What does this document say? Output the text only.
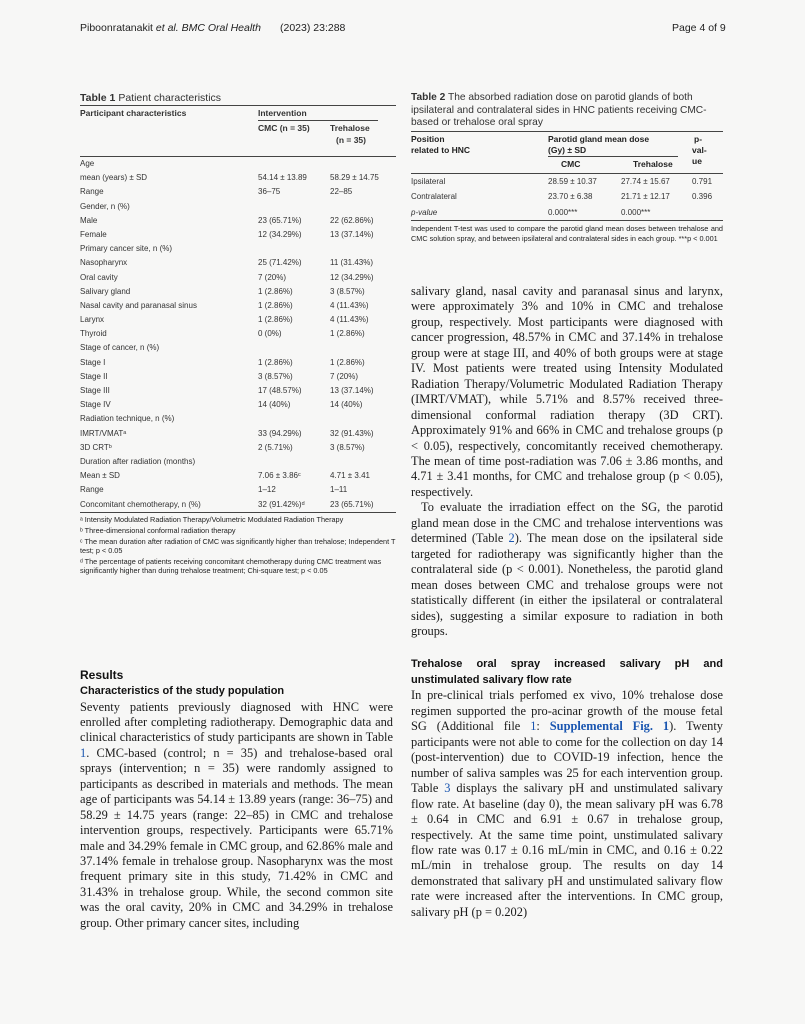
Piboonratanakit et al. BMC Oral Health (2023) 23:288	Page 4 of 9
Table 1 Patient characteristics
Participant characteristics	Intervention
CMC (n = 35) Trehalose
(n = 35)
Age
mean (years) ± SD	54.14 ± 13.89	58.29 ± 14.75
Range	36–75	22–85
Gender, n (%)
Male	23 (65.71%)	22 (62.86%)
Female	12 (34.29%)	13 (37.14%)
Primary cancer site, n (%)
Nasopharynx	25 (71.42%)	11 (31.43%)
Oral cavity	7 (20%)	12 (34.29%)
Salivary gland	1 (2.86%)	3 (8.57%)
Nasal cavity and paranasal sinus	1 (2.86%)	4 (11.43%)
Larynx	1 (2.86%)	4 (11.43%)
Thyroid	0 (0%)	1 (2.86%)
Stage of cancer, n (%)
Stage I	1 (2.86%)	1 (2.86%)
Stage II	3 (8.57%)	7 (20%)
Stage III	17 (48.57%)	13 (37.14%)
Stage IV	14 (40%)	14 (40%)
Radiation technique, n (%)
IMRT/VMATᵃ	33 (94.29%)	32 (91.43%)
3D CRTᵇ	2 (5.71%)	3 (8.57%)
Duration after radiation (months)
Mean ± SD	7.06 ± 3.86ᶜ	4.71 ± 3.41
Range	1–12	1–11
Concomitant chemotherapy, n (%)	32 (91.42%)ᵈ	23 (65.71%)

ᵃ Intensity Modulated Radiation Therapy/Volumetric Modulated Radiation Therapy

ᵇ Three-dimensional conformal radiation therapy

ᶜ The mean duration after radiation of CMC was significantly higher than trehalose; Independent T test; p < 0.05

ᵈ The percentage of patients receiving concomitant chemotherapy during CMC treatment was significantly higher than during trehalose treatment; Chi-square test; p < 0.05

Table 2 The absorbed radiation dose on parotid glands of both ipsilateral and contralateral sides in HNC patients receiving CMC-based or trehalose oral spray
Position
related to HNC
Parotid gland mean dose
(Gy) ± SD
CMC	Trehalose
p-
val-
ue
Ipsilateral	28.59 ± 10.37	27.74 ± 15.67	0.791
Contralateral	23.70 ± 6.38	21.71 ± 12.17	0.396
p-value	0.000***	0.000***
Independent T-test was used to compare the parotid gland mean doses between trehalose and CMC solution spray, and between ipsilateral and contralateral sides in each group. ***p < 0.001
Results
Characteristics of the study population

Seventy patients previously diagnosed with HNC were enrolled after completing radiotherapy. Demographic data and clinical characteristics of study participants are shown in Table 1. CMC-based (control; n = 35) and trehalose-based oral sprays (intervention; n = 35) were randomly assigned to participants as described in materials and methods. The mean age of participants was 54.14 ± 13.89 years (range: 36–75) and 58.29 ± 14.75 years (range: 22–85) in CMC and trehalose intervention groups, respectively. Participants were 65.71% male and 34.29% female in CMC group, and 62.86% male and 37.14% female in trehalose group. Nasopharynx was the most frequent primary site in this study, 71.42% in CMC and 31.43% in trehalose group. While, the second common site was the oral cavity, 20% in CMC and 34.29% in trehalose group. Other primary cancer sites, including

salivary gland, nasal cavity and paranasal sinus and larynx, were approximately 3% and 10% in CMC and trehalose group, respectively. Most participants were diagnosed with cancer progression, 48.57% in CMC and 37.14% in trehalose group were at stage III, and 40% of both groups were at stage IV. Most patients were treated using Intensity Modulated Radiation Therapy/Volumetric Modulated Radiation Therapy (IMRT/VMAT), while 5.71% and 8.57% received three-dimensional conformal radiation therapy (3D CRT). Approximately 91% and 66% in CMC and trehalose groups (p < 0.05), respectively, concomitantly received chemotherapy. The mean of time post-radiation was 7.06 ± 3.86 months, and 4.71 ± 3.41 months, for CMC and trehalose group (p < 0.05), respectively.

To evaluate the irradiation effect on the SG, the parotid gland mean dose in the CMC and trehalose interventions was determined (Table 2). The mean dose on the ipsilateral side targeted for radiotherapy was significantly higher than the contralateral side (p < 0.001). Nonetheless, the parotid gland mean doses between CMC and trehalose groups were not statistically different (in either the ipsilateral or contralateral sides), suggesting a similar exposure to radiation in both groups.

Trehalose oral spray increased salivary pH and unstimulated salivary flow rate

In pre-clinical trials perfomed ex vivo, 10% trehalose dose regimen supported the pro-acinar growth of the mouse fetal SG (Additional file 1: Supplemental Fig. 1). Twenty participants were not able to come for the collection on day 14 (post-intervention) due to COVID-19 infection, hence the number of saliva samples was 25 for each intervention group. Table 3 displays the salivary pH and unstimulated salivary flow rate. At baseline (day 0), the mean salivary pH was 6.78 ± 0.64 in CMC and 6.91 ± 0.67 in trehalose group, respectively. At the same time point, unstimulated salivary flow rate was 0.17 ± 0.16 mL/min in CMC, and 0.16 ± 0.22 mL/min in trehalose group. The results on day 14 demonstrated that salivary pH and unstimulated salivary flow rate were increased after the interventions. In CMC group, salivary pH (p = 0.202)
